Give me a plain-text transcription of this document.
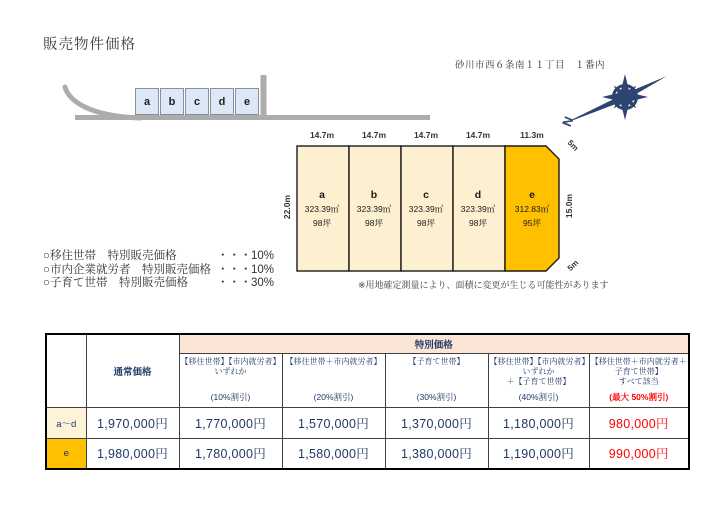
販売物件価格
a	b	c	d	e
砂川市西６条南１１丁目　１番内
N
a
323.39㎡
98坪
b
323.39㎡
98坪
c
323.39㎡
98坪
d
323.39㎡
98坪
e
312.83㎡
95坪
14.7m	14.7m	14.7m	14.7m	11.3m
22.0m	15.0m
5m
5m
※用地確定測量により、面積に変更が生じる可能性があります
○移住世帯　特別販売価格	・・・ 10%
○市内企業就労者　特別販売価格 ・・・ 10%
○子育て世帯　特別販売価格	・・・ 30%
	通常価格	特別価格				

【移住世帯】【市内就労者】
いずれか
(10%割引)

【移住世帯＋市内就労者】
(20%割引)

【子育て世帯】
(30%割引)

【移住世帯】【市内就労者】
いずれか
＋【子育て世帯】
(40%割引)

【移住世帯＋市内就労者＋子育て世帯】
すべて該当
(最大 50%割引)

a～d	1,970,000円	1,770,000円	1,570,000円	1,370,000円	1,180,000円	980,000円
e	1,980,000円	1,780,000円	1,580,000円	1,380,000円	1,190,000円	990,000円
